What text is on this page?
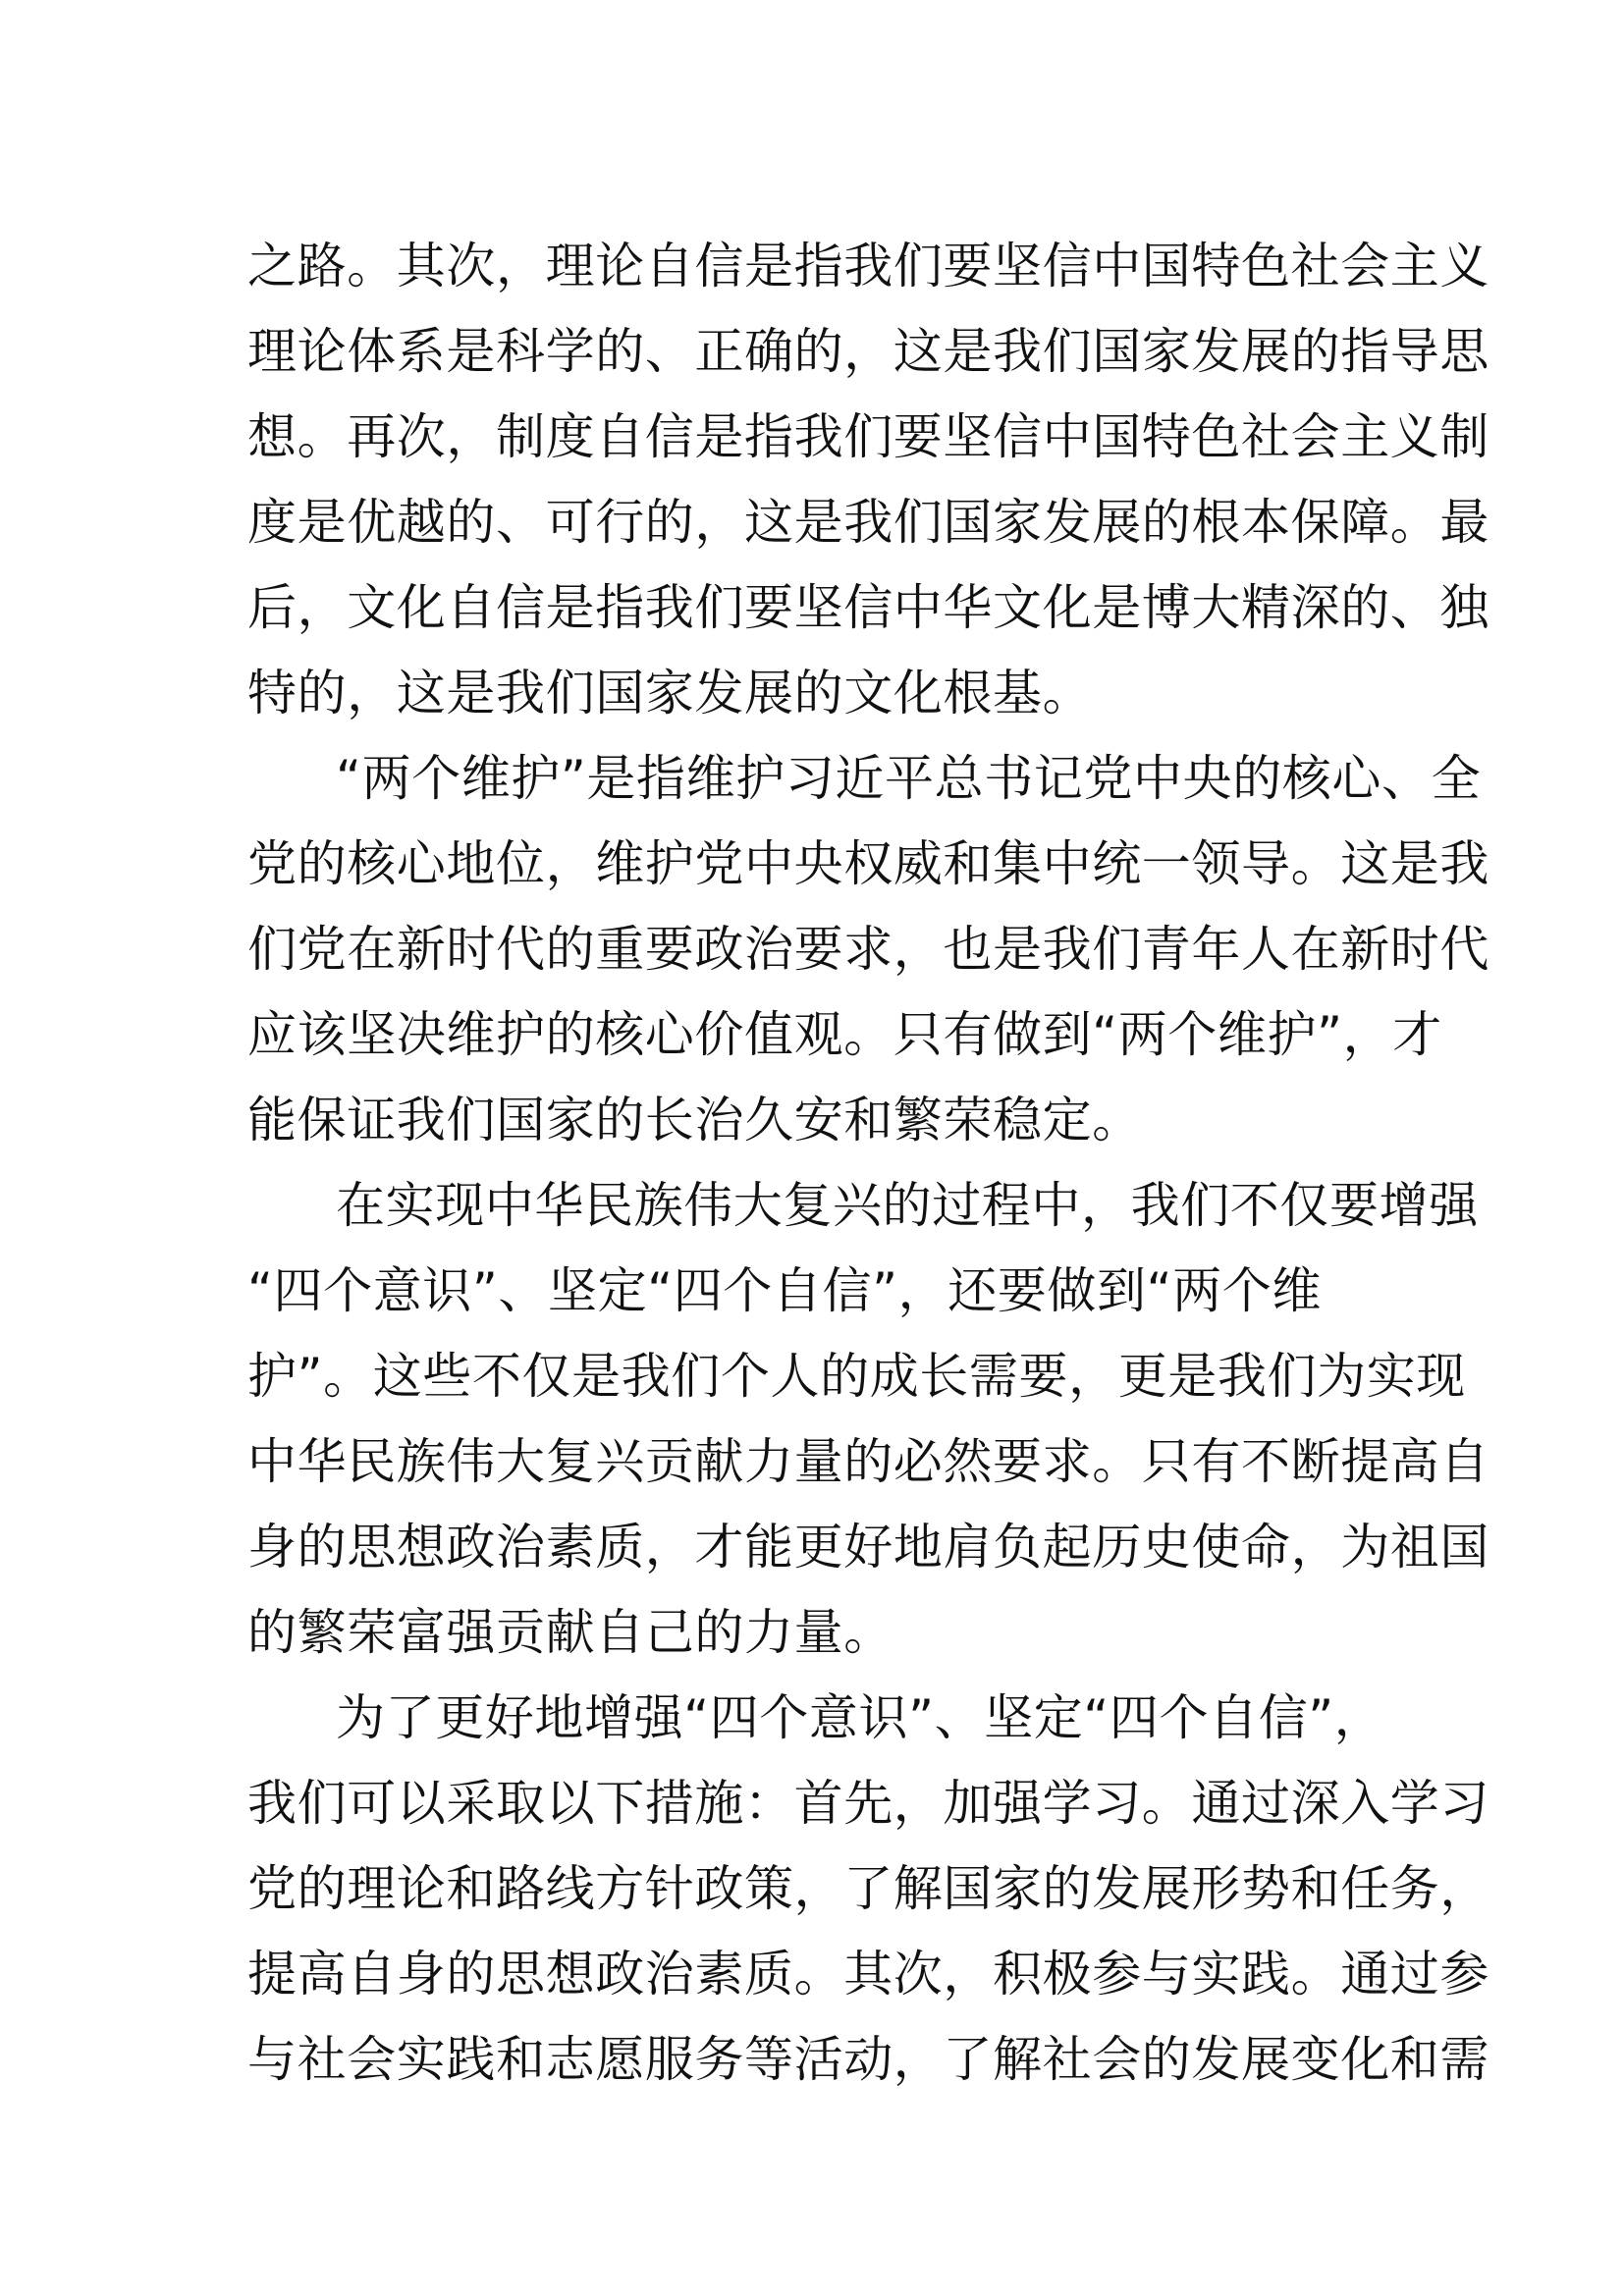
之路。其次，理论自信是指我们要坚信中国特色社会主义
理论体系是科学的、正确的，这是我们国家发展的指导思
想。再次，制度自信是指我们要坚信中国特色社会主义制
度是优越的、可行的，这是我们国家发展的根本保障。最
后，文化自信是指我们要坚信中华文化是博大精深的、独
特的，这是我们国家发展的文化根基。
“两个维护”是指维护习近平总书记党中央的核心、全
党的核心地位，维护党中央权威和集中统一领导。这是我
们党在新时代的重要政治要求，也是我们青年人在新时代
应该坚决维护的核心价值观。只有做到“两个维护”，才
能保证我们国家的长治久安和繁荣稳定。
在实现中华民族伟大复兴的过程中，我们不仅要增强
“四个意识”、坚定“四个自信”，还要做到“两个维
护”。这些不仅是我们个人的成长需要，更是我们为实现
中华民族伟大复兴贡献力量的必然要求。只有不断提高自
身的思想政治素质，才能更好地肩负起历史使命，为祖国
的繁荣富强贡献自己的力量。
为了更好地增强“四个意识”、坚定“四个自信”，
我们可以采取以下措施：首先，加强学习。通过深入学习
党的理论和路线方针政策，了解国家的发展形势和任务，
提高自身的思想政治素质。其次，积极参与实践。通过参
与社会实践和志愿服务等活动，了解社会的发展变化和需
